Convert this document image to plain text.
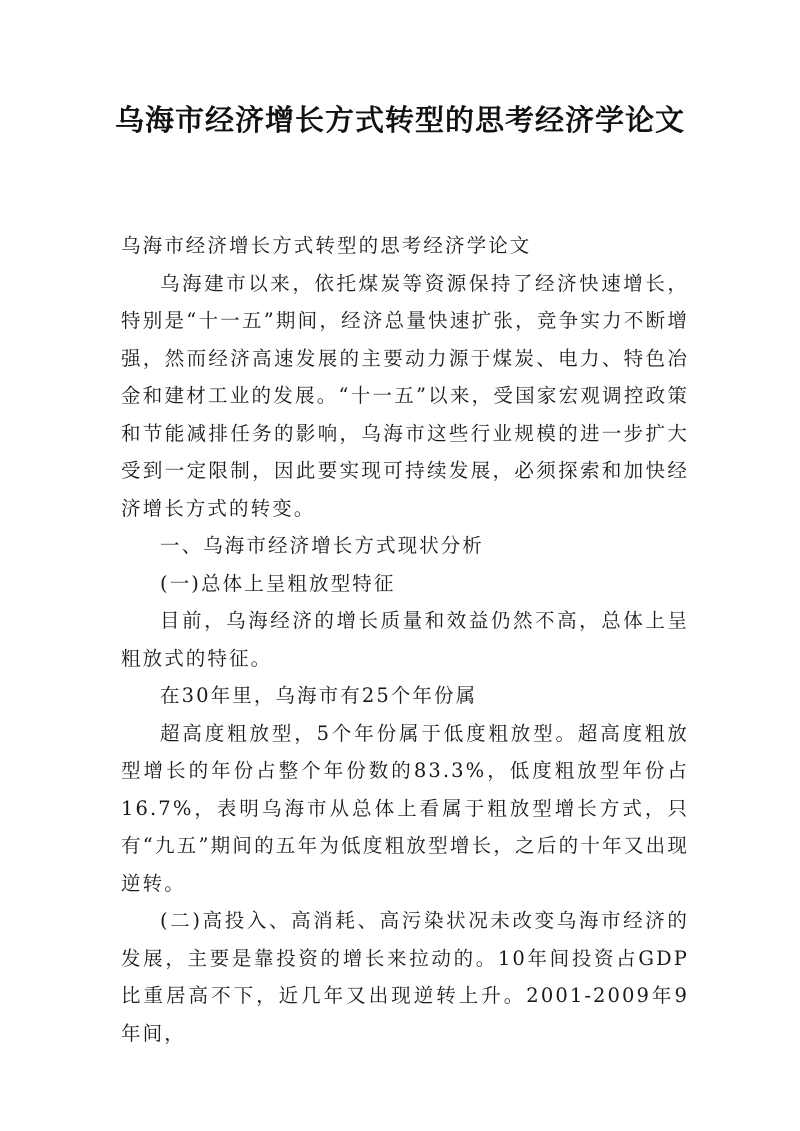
乌海市经济增长方式转型的思考经济学论文

乌海市经济增长方式转型的思考经济学论文

乌海建市以来，依托煤炭等资源保持了经济快速增长，特别是“十一五”期间，经济总量快速扩张，竞争实力不断增强，然而经济高速发展的主要动力源于煤炭、电力、特色冶金和建材工业的发展。“十一五”以来，受国家宏观调控政策和节能减排任务的影响，乌海市这些行业规模的进一步扩大受到一定限制，因此要实现可持续发展，必须探索和加快经济增长方式的转变。

一、乌海市经济增长方式现状分析

(一)总体上呈粗放型特征

目前，乌海经济的增长质量和效益仍然不高，总体上呈粗放式的特征。

在30年里，乌海市有25个年份属

超高度粗放型，5个年份属于低度粗放型。超高度粗放型增长的年份占整个年份数的83.3%，低度粗放型年份占16.7%，表明乌海市从总体上看属于粗放型增长方式，只有“九五”期间的五年为低度粗放型增长，之后的十年又出现逆转。

(二)高投入、高消耗、高污染状况未改变乌海市经济的发展，主要是靠投资的增长来拉动的。10年间投资占GDP比重居高不下，近几年又出现逆转上升。2001-2009年9年间，
